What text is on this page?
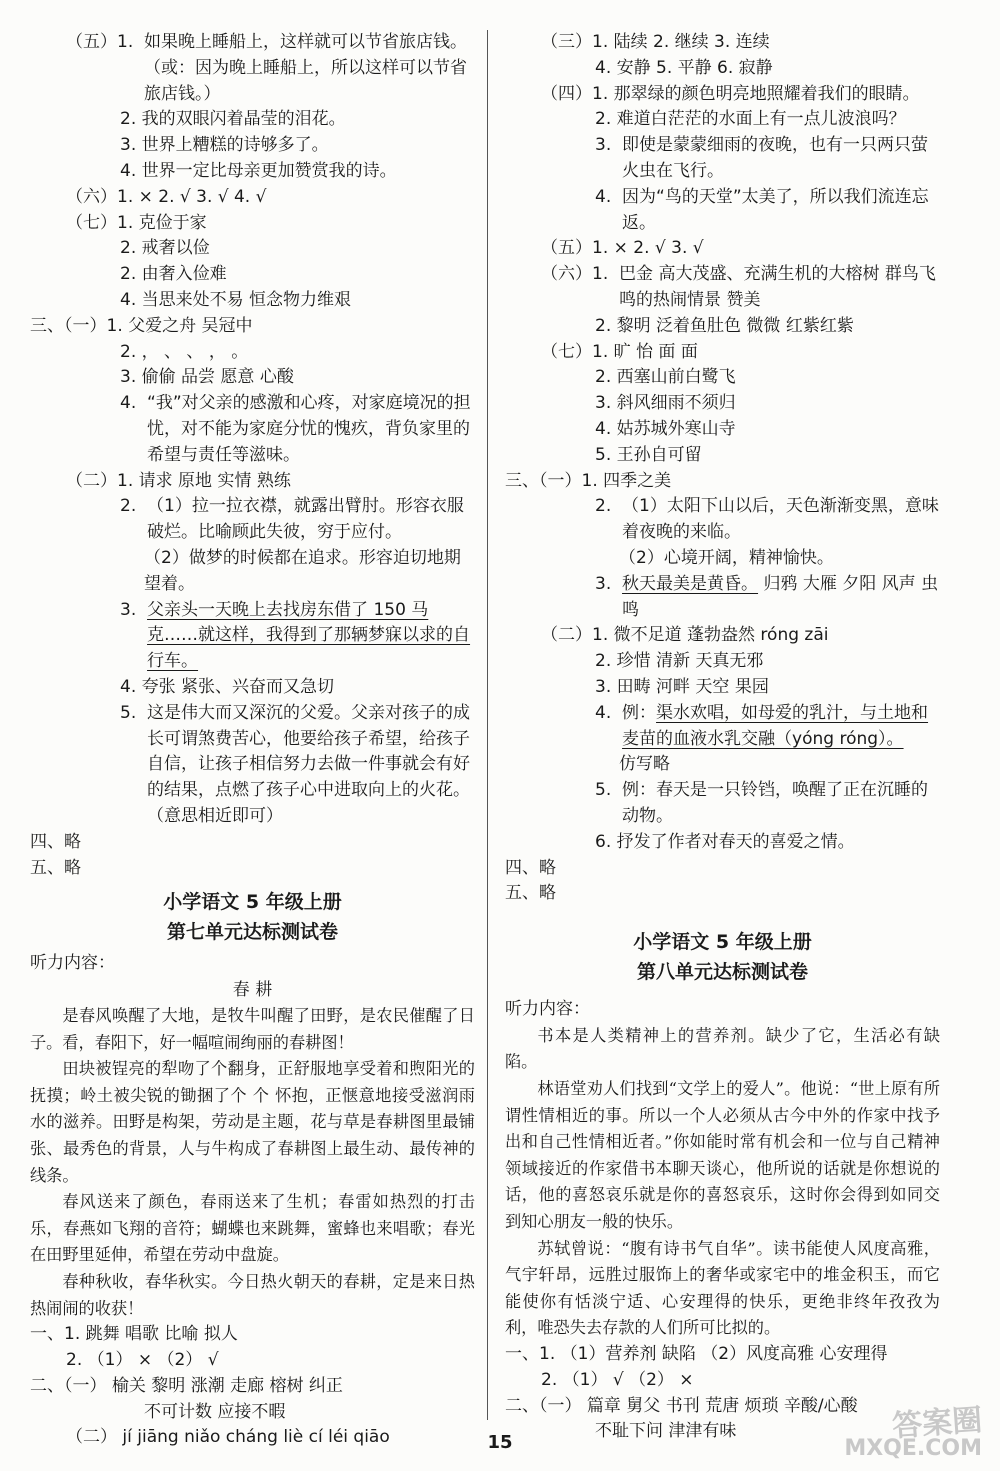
（五） 1.
如果晚上睡船上，这样就可以节省旅店钱。（或：因为晚上睡船上，所以这样可以节省旅店钱。）
2. 我的双眼闪着晶莹的泪花。
3. 世界上糟糕的诗够多了。
4. 世界一定比母亲更加赞赏我的诗。
（六）1. × 2. √ 3. √ 4. √
（七）1. 克俭于家
2. 戒奢以俭
2. 由奢入俭难
4. 当思来处不易 恒念物力维艰
三、（一）1. 父爱之舟 吴冠中
2. ， 、 、 ， 。
3. 偷偷 品尝 愿意 心酸
4.
“我”对父亲的感激和心疼，对家庭境况的担忧，对不能为家庭分忧的愧疚，背负家里的希望与责任等滋味。
（二）1. 请求 原地 实情 熟练
2.
（1）拉一拉衣襟，就露出臂肘。形容衣服破烂。比喻顾此失彼，穷于应付。
（2）做梦的时候都在追求。形容迫切地期望着。
3.
父亲头一天晚上去找房东借了 150 马克……就这样，我得到了那辆梦寐以求的自行车。
4. 夸张 紧张、兴奋而又急切
5.
这是伟大而又深沉的父爱。父亲对孩子的成长可谓煞费苦心，他要给孩子希望，给孩子自信，让孩子相信努力去做一件事就会有好的结果，点燃了孩子心中进取向上的火花。（意思相近即可）
四、略
五、略
小学语文 5 年级上册
第七单元达标测试卷
听力内容：
春 耕
是春风唤醒了大地，是牧牛叫醒了田野，是农民催醒了日子。看，春阳下，好一幅喧闹绚丽的春耕图！
田块被锃亮的犁吻了个翻身，正舒服地享受着和煦阳光的抚摸；岭土被尖锐的锄捆了个 个 怀抱，正惬意地接受滋润雨水的滋养。田野是构架，劳动是主题，花与草是春耕图里最铺张、最秀色的背景，人与牛构成了春耕图上最生动、最传神的线条。
春风送来了颜色，春雨送来了生机；春雷如热烈的打击乐，春燕如飞翔的音符；蝴蝶也来跳舞，蜜蜂也来唱歌；春光在田野里延伸，希望在劳动中盘旋。
春种秋收，春华秋实。今日热火朝天的春耕，定是来日热热闹闹的收获！
一、1. 跳舞 唱歌 比喻 拟人
2. （1） × （2） √
二、（一） 榆关 黎明 涨潮 走廊 榕树 纠正
不可计数 应接不暇
（二） jí jiāng niǎo cháng liè cí léi qiāo
（三）1. 陆续 2. 继续 3. 连续
4. 安静 5. 平静 6. 寂静
（四）1. 那翠绿的颜色明亮地照耀着我们的眼睛。
2. 难道白茫茫的水面上有一点儿波浪吗？
3.
即使是蒙蒙细雨的夜晚，也有一只两只萤火虫在飞行。
4.
因为“鸟的天堂”太美了，所以我们流连忘返。
（五）1. × 2. √ 3. √
（六）1.
巴金 高大茂盛、充满生机的大榕树 群鸟飞鸣的热闹情景 赞美
2. 黎明 泛着鱼肚色 微微 红紫红紫
（七）1. 旷 怡 面 面
2. 西塞山前白鹭飞
3. 斜风细雨不须归
4. 姑苏城外寒山寺
5. 王孙自可留
三、（一）1. 四季之美
2.
（1）太阳下山以后，天色渐渐变黑，意味着夜晚的来临。
（2）心境开阔，精神愉快。
3.
秋天最美是黄昏。 归鸦 大雁 夕阳 风声 虫鸣
（二）1. 微不足道 蓬勃盎然 róng zāi
2. 珍惜 清新 天真无邪
3. 田畴 河畔 天空 果园
4.
例：渠水欢唱，如母爱的乳汁，与土地和麦苗的血液水乳交融（yóng róng）。
仿写略
5.
例：春天是一只铃铛，唤醒了正在沉睡的动物。
6. 抒发了作者对春天的喜爱之情。
四、略
五、略
小学语文 5 年级上册
第八单元达标测试卷
听力内容：
书本是人类精神上的营养剂。缺少了它，生活必有缺陷。
林语堂劝人们找到“文学上的爱人”。他说：“世上原有所谓性情相近的事。所以一个人必须从古今中外的作家中找予出和自己性情相近者。”你如能时常有机会和一位与自己精神领域接近的作家借书本聊天谈心，他所说的话就是你想说的话，他的喜怒哀乐就是你的喜怒哀乐，这时你会得到如同交到知心朋友一般的快乐。
苏轼曾说：“腹有诗书气自华”。读书能使人风度高雅，气宇轩昂，远胜过服饰上的奢华或家宅中的堆金积玉，而它能使你有恬淡宁适、心安理得的快乐，更绝非终年孜孜为利，唯恐失去存款的人们所可比拟的。
一、1. （1）营养剂 缺陷 （2）风度高雅 心安理得
2. （1） √ （2） ×
二、（一） 篇章 舅父 书刊 荒唐 烦琐 辛酸/心酸
不耻下问 津津有味
15	答案圈
MXQE.COM
